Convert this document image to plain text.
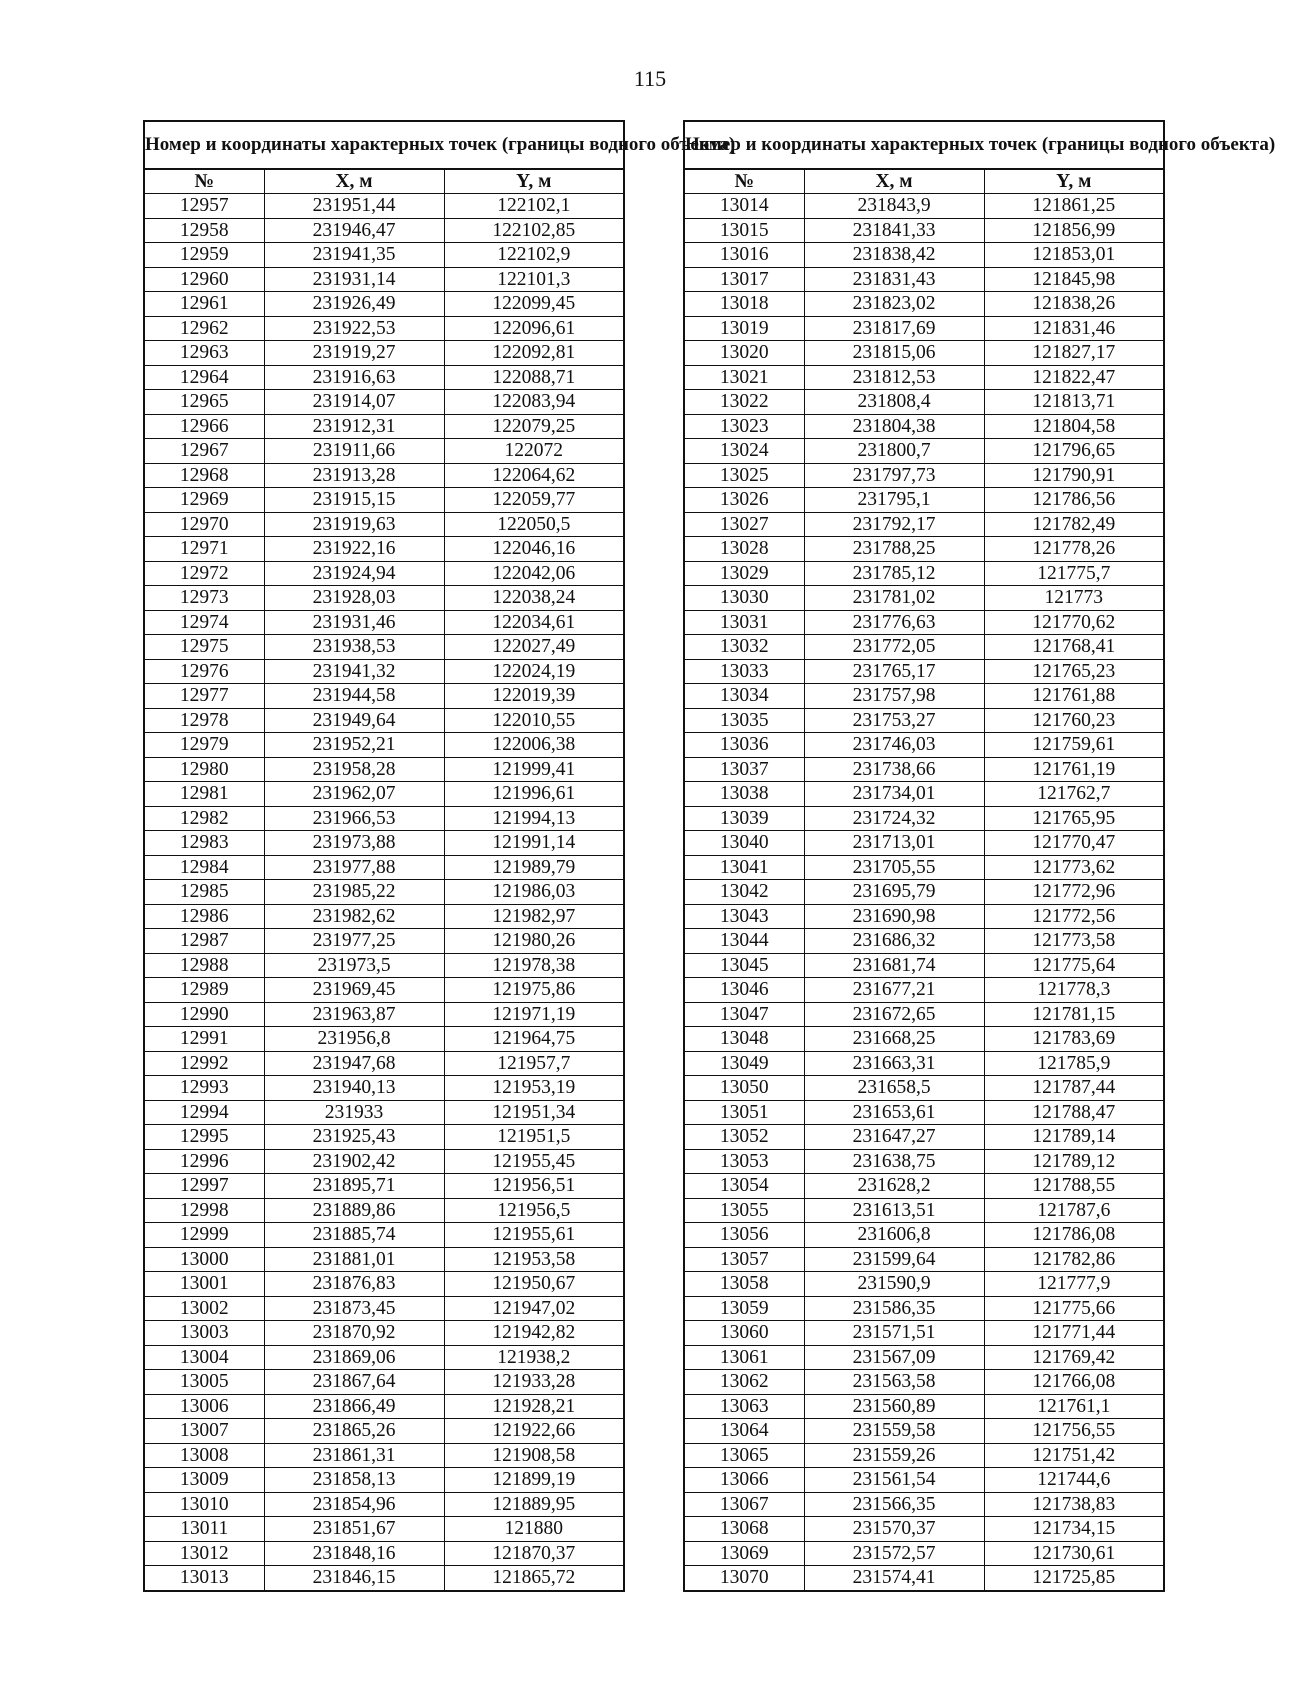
115
Номер и координаты характерных точек (границы водного объекта)		
№	X, м	Y, м
12957	231951,44	122102,1
12958	231946,47	122102,85
12959	231941,35	122102,9
12960	231931,14	122101,3
12961	231926,49	122099,45
12962	231922,53	122096,61
12963	231919,27	122092,81
12964	231916,63	122088,71
12965	231914,07	122083,94
12966	231912,31	122079,25
12967	231911,66	122072
12968	231913,28	122064,62
12969	231915,15	122059,77
12970	231919,63	122050,5
12971	231922,16	122046,16
12972	231924,94	122042,06
12973	231928,03	122038,24
12974	231931,46	122034,61
12975	231938,53	122027,49
12976	231941,32	122024,19
12977	231944,58	122019,39
12978	231949,64	122010,55
12979	231952,21	122006,38
12980	231958,28	121999,41
12981	231962,07	121996,61
12982	231966,53	121994,13
12983	231973,88	121991,14
12984	231977,88	121989,79
12985	231985,22	121986,03
12986	231982,62	121982,97
12987	231977,25	121980,26
12988	231973,5	121978,38
12989	231969,45	121975,86
12990	231963,87	121971,19
12991	231956,8	121964,75
12992	231947,68	121957,7
12993	231940,13	121953,19
12994	231933	121951,34
12995	231925,43	121951,5
12996	231902,42	121955,45
12997	231895,71	121956,51
12998	231889,86	121956,5
12999	231885,74	121955,61
13000	231881,01	121953,58
13001	231876,83	121950,67
13002	231873,45	121947,02
13003	231870,92	121942,82
13004	231869,06	121938,2
13005	231867,64	121933,28
13006	231866,49	121928,21
13007	231865,26	121922,66
13008	231861,31	121908,58
13009	231858,13	121899,19
13010	231854,96	121889,95
13011	231851,67	121880
13012	231848,16	121870,37
13013	231846,15	121865,72
Номер и координаты характерных точек (границы водного объекта)		
№	X, м	Y, м
13014	231843,9	121861,25
13015	231841,33	121856,99
13016	231838,42	121853,01
13017	231831,43	121845,98
13018	231823,02	121838,26
13019	231817,69	121831,46
13020	231815,06	121827,17
13021	231812,53	121822,47
13022	231808,4	121813,71
13023	231804,38	121804,58
13024	231800,7	121796,65
13025	231797,73	121790,91
13026	231795,1	121786,56
13027	231792,17	121782,49
13028	231788,25	121778,26
13029	231785,12	121775,7
13030	231781,02	121773
13031	231776,63	121770,62
13032	231772,05	121768,41
13033	231765,17	121765,23
13034	231757,98	121761,88
13035	231753,27	121760,23
13036	231746,03	121759,61
13037	231738,66	121761,19
13038	231734,01	121762,7
13039	231724,32	121765,95
13040	231713,01	121770,47
13041	231705,55	121773,62
13042	231695,79	121772,96
13043	231690,98	121772,56
13044	231686,32	121773,58
13045	231681,74	121775,64
13046	231677,21	121778,3
13047	231672,65	121781,15
13048	231668,25	121783,69
13049	231663,31	121785,9
13050	231658,5	121787,44
13051	231653,61	121788,47
13052	231647,27	121789,14
13053	231638,75	121789,12
13054	231628,2	121788,55
13055	231613,51	121787,6
13056	231606,8	121786,08
13057	231599,64	121782,86
13058	231590,9	121777,9
13059	231586,35	121775,66
13060	231571,51	121771,44
13061	231567,09	121769,42
13062	231563,58	121766,08
13063	231560,89	121761,1
13064	231559,58	121756,55
13065	231559,26	121751,42
13066	231561,54	121744,6
13067	231566,35	121738,83
13068	231570,37	121734,15
13069	231572,57	121730,61
13070	231574,41	121725,85
